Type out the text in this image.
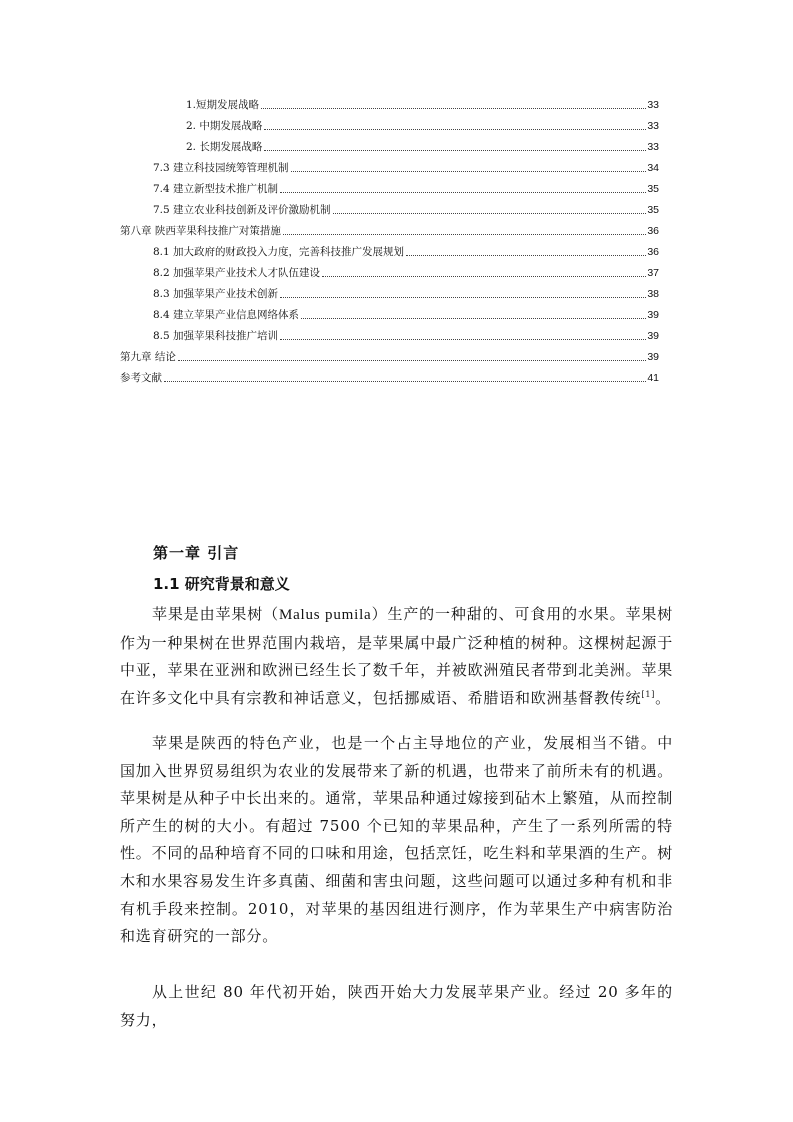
1.短期发展战略	33
2. 中期发展战略	33
2. 长期发展战略	33
7.3 建立科技园统筹管理机制	34
7.4 建立新型技术推广机制	35
7.5 建立农业科技创新及评价激励机制	35
第八章 陕西苹果科技推广对策措施	36
8.1 加大政府的财政投入力度，完善科技推广发展规划	36
8.2 加强苹果产业技术人才队伍建设	37
8.3 加强苹果产业技术创新	38
8.4 建立苹果产业信息网络体系	39
8.5 加强苹果科技推广培训	39
第九章 结论	39
参考文献	41
第一章 引言
1.1 研究背景和意义

苹果是由苹果树（Malus pumila）生产的一种甜的、可食用的水果。苹果树作为一种果树在世界范围内栽培，是苹果属中最广泛种植的树种。这棵树起源于中亚，苹果在亚洲和欧洲已经生长了数千年，并被欧洲殖民者带到北美洲。苹果在许多文化中具有宗教和神话意义，包括挪威语、希腊语和欧洲基督教传统[1]。

苹果是陕西的特色产业，也是一个占主导地位的产业，发展相当不错。中国加入世界贸易组织为农业的发展带来了新的机遇，也带来了前所未有的机遇。苹果树是从种子中长出来的。通常，苹果品种通过嫁接到砧木上繁殖，从而控制所产生的树的大小。有超过 7500 个已知的苹果品种，产生了一系列所需的特性。不同的品种培育不同的口味和用途，包括烹饪，吃生料和苹果酒的生产。树木和水果容易发生许多真菌、细菌和害虫问题，这些问题可以通过多种有机和非有机手段来控制。2010，对苹果的基因组进行测序，作为苹果生产中病害防治和选育研究的一部分。

从上世纪 80 年代初开始，陕西开始大力发展苹果产业。经过 20 多年的努力，
